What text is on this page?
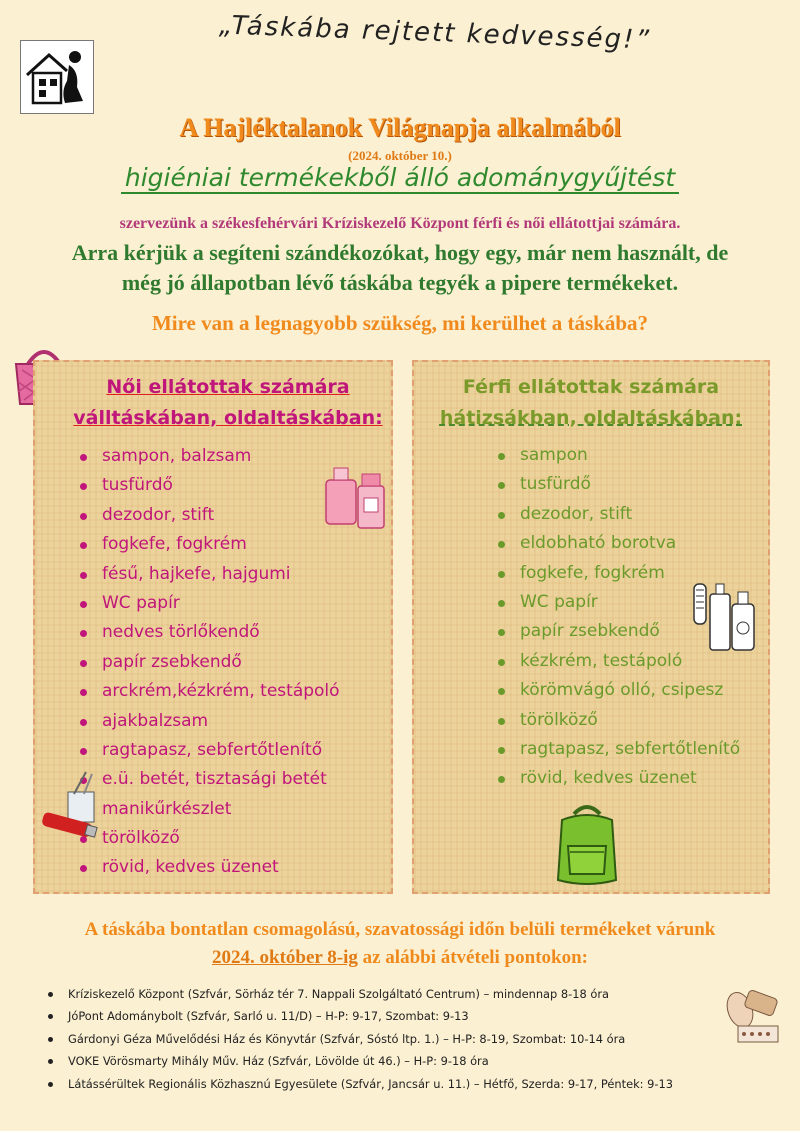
„Táskába rejtett kedvesség!”
A Hajléktalanok Világnapja alkalmából
(2024. október 10.)
higiéniai termékekből álló adománygyűjtést
szervezünk a székesfehérvári Kríziskezelő Központ férfi és női ellátottjai számára.
Arra kérjük a segíteni szándékozókat, hogy egy, már nem használt, de
még jó állapotban lévő táskába tegyék a pipere termékeket.
Mire van a legnagyobb szükség, mi kerülhet a táskába?
Női ellátottak számára
válltáskában, oldaltáskában:
sampon, balzsam
tusfürdő
dezodor, stift
fogkefe, fogkrém
fésű, hajkefe, hajgumi
WC papír
nedves törlőkendő
papír zsebkendő
arckrém,kézkrém, testápoló
ajakbalzsam
ragtapasz, sebfertőtlenítő
e.ü. betét, tisztasági betét
manikűrkészlet
törölköző
rövid, kedves üzenet
Férfi ellátottak számára
hátizsákban, oldaltáskában:
sampon
tusfürdő
dezodor, stift
eldobható borotva
fogkefe, fogkrém
WC papír
papír zsebkendő
kézkrém, testápoló
körömvágó olló, csipesz
törölköző
ragtapasz, sebfertőtlenítő
rövid, kedves üzenet
A táskába bontatlan csomagolású, szavatossági időn belüli termékeket várunk
2024. október 8-ig az alábbi átvételi pontokon:
Kríziskezelő Központ (Szfvár, Sörház tér 7. Nappali Szolgáltató Centrum) – mindennap 8-18 óra
JóPont Adománybolt (Szfvár, Sarló u. 11/D) – H-P: 9-17, Szombat: 9-13
Gárdonyi Géza Művelődési Ház és Könyvtár (Szfvár, Sóstó ltp. 1.) – H-P: 8-19, Szombat: 10-14 óra
VOKE Vörösmarty Mihály Műv. Ház (Szfvár, Lövölde út 46.) – H-P: 9-18 óra
Látássérültek Regionális Közhasznú Egyesülete (Szfvár, Jancsár u. 11.) – Hétfő, Szerda: 9-17, Péntek: 9-13
